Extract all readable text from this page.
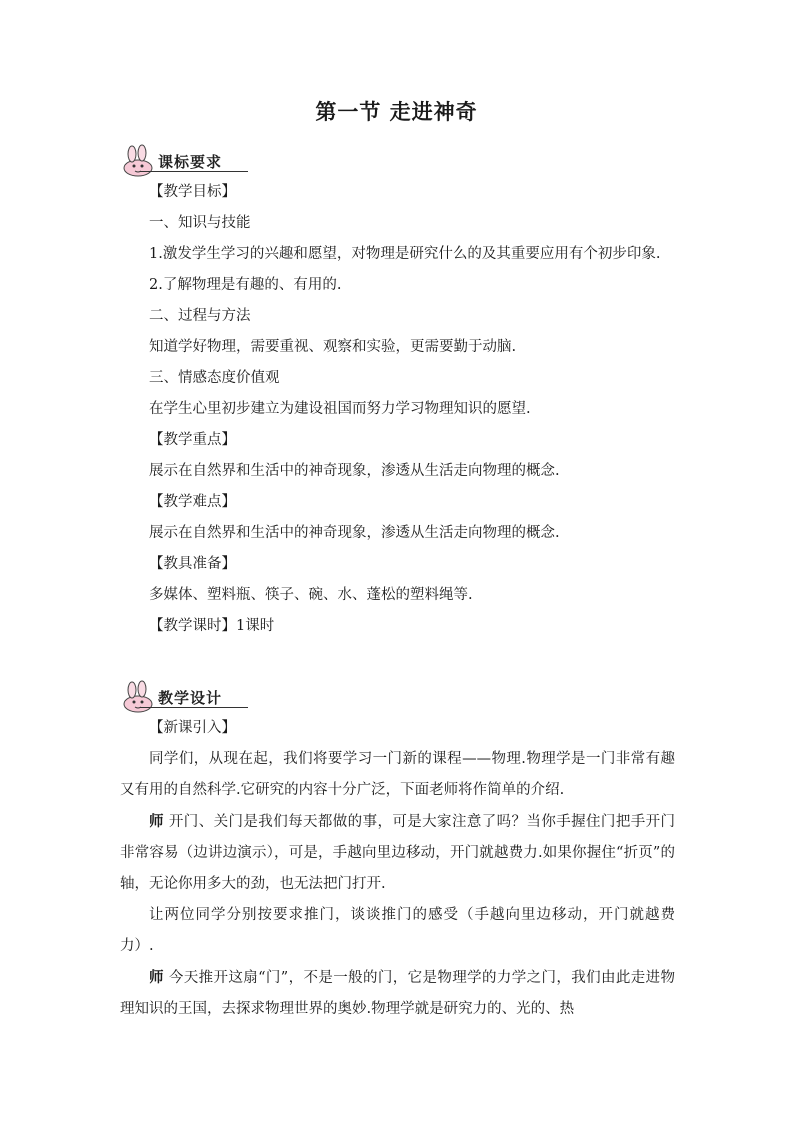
第一节 走进神奇
课标要求

【教学目标】

一、知识与技能

1.激发学生学习的兴趣和愿望，对物理是研究什么的及其重要应用有个初步印象.

2.了解物理是有趣的、有用的.

二、过程与方法

知道学好物理，需要重视、观察和实验，更需要勤于动脑.

三、情感态度价值观

在学生心里初步建立为建设祖国而努力学习物理知识的愿望.

【教学重点】

展示在自然界和生活中的神奇现象，渗透从生活走向物理的概念.

【教学难点】

展示在自然界和生活中的神奇现象，渗透从生活走向物理的概念.

【教具准备】

多媒体、塑料瓶、筷子、碗、水、蓬松的塑料绳等.

【教学课时】1课时

教学设计

【新课引入】

同学们，从现在起，我们将要学习一门新的课程——物理.物理学是一门非常有趣又有用的自然科学.它研究的内容十分广泛，下面老师将作简单的介绍.

师 开门、关门是我们每天都做的事，可是大家注意了吗？当你手握住门把手开门非常容易（边讲边演示），可是，手越向里边移动，开门就越费力.如果你握住“折页”的轴，无论你用多大的劲，也无法把门打开.

让两位同学分别按要求推门，谈谈推门的感受（手越向里边移动，开门就越费力）.

师 今天推开这扇“门”，不是一般的门，它是物理学的力学之门，我们由此走进物理知识的王国，去探求物理世界的奥妙.物理学就是研究力的、光的、热
